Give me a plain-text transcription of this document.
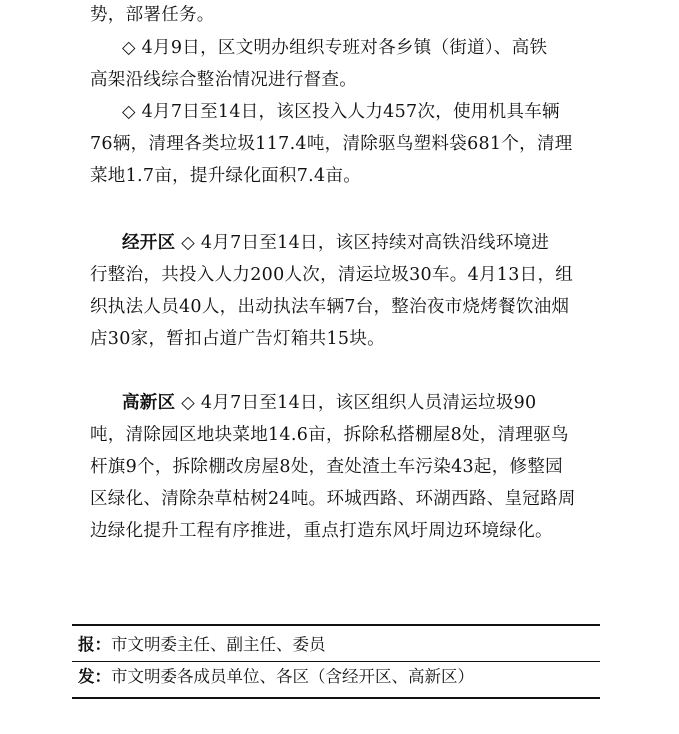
势，部署任务。
◇ 4月9日，区文明办组织专班对各乡镇（街道）、高铁
高架沿线综合整治情况进行督查。
◇ 4月7日至14日，该区投入人力457次，使用机具车辆
76辆，清理各类垃圾117.4吨，清除驱鸟塑料袋681个，清理
菜地1.7亩，提升绿化面积7.4亩。
经开区 ◇ 4月7日至14日，该区持续对高铁沿线环境进
行整治，共投入人力200人次，清运垃圾30车。4月13日，组
织执法人员40人，出动执法车辆7台，整治夜市烧烤餐饮油烟
店30家，暂扣占道广告灯箱共15块。
高新区 ◇ 4月7日至14日，该区组织人员清运垃圾90
吨，清除园区地块菜地14.6亩，拆除私搭棚屋8处，清理驱鸟
杆旗9个，拆除棚改房屋8处，查处渣土车污染43起，修整园
区绿化、清除杂草枯树24吨。环城西路、环湖西路、皇冠路周
边绿化提升工程有序推进，重点打造东风圩周边环境绿化。
报：市文明委主任、副主任、委员
发：市文明委各成员单位、各区（含经开区、高新区）
